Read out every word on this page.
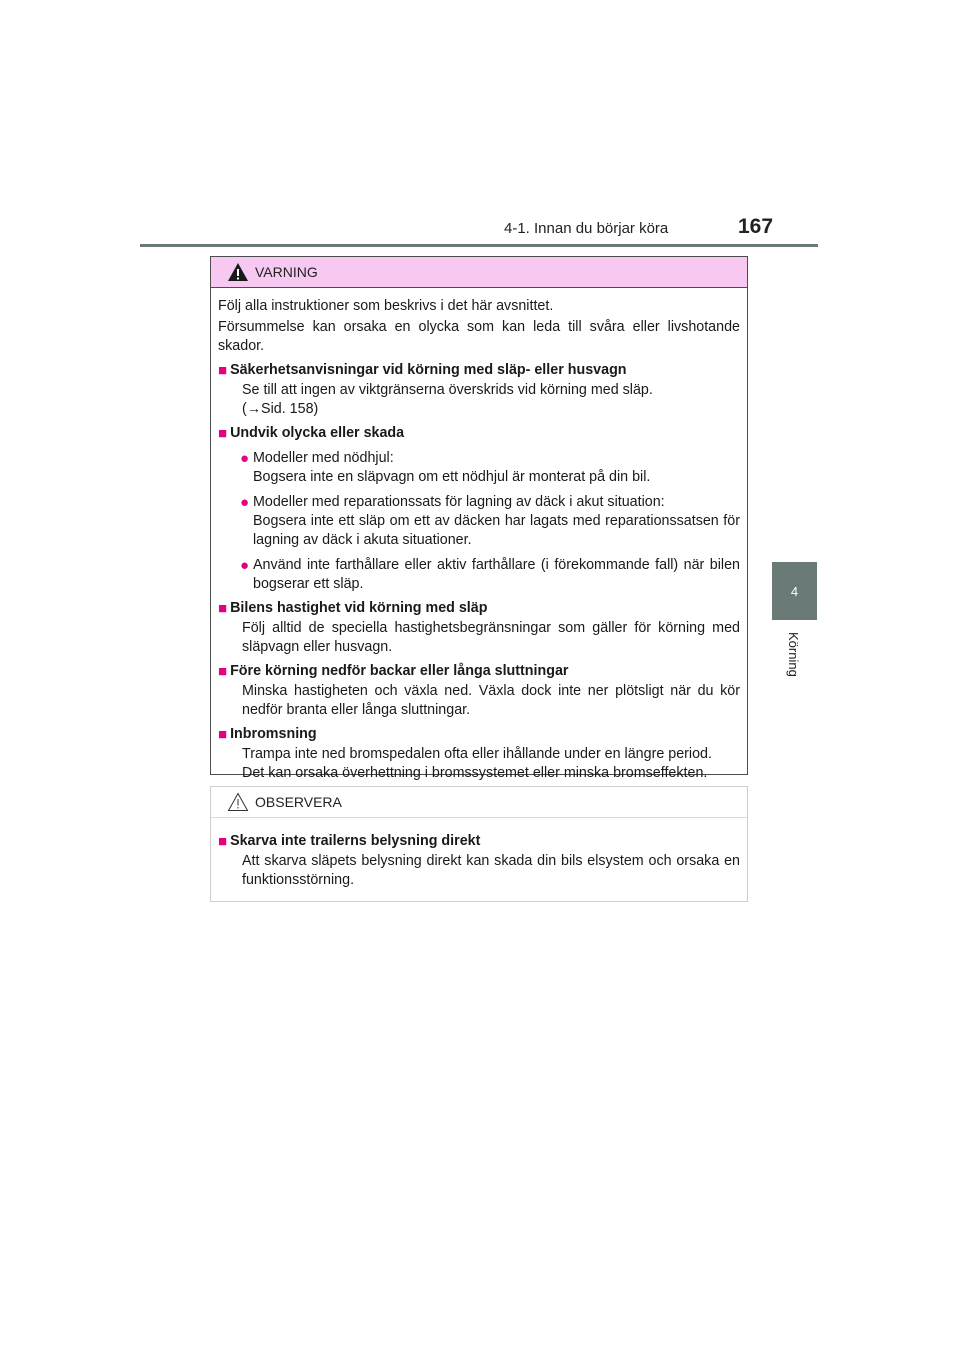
4-1. Innan du börjar köra	167
4
Körning
VARNING
Följ alla instruktioner som beskrivs i det här avsnittet.
Försummelse kan orsaka en olycka som kan leda till svåra eller livshotande skador.
■ Säkerhetsanvisningar vid körning med släp- eller husvagn
Se till att ingen av viktgränserna överskrids vid körning med släp.
(→Sid. 158)
■ Undvik olycka eller skada
● Modeller med nödhjul:
Bogsera inte en släpvagn om ett nödhjul är monterat på din bil.
● Modeller med reparationssats för lagning av däck i akut situation:
Bogsera inte ett släp om ett av däcken har lagats med reparationssatsen för lagning av däck i akuta situationer.
● Använd inte farthållare eller aktiv farthållare (i förekommande fall) när bilen bogserar ett släp.
■ Bilens hastighet vid körning med släp
Följ alltid de speciella hastighetsbegränsningar som gäller för körning med släpvagn eller husvagn.
■ Före körning nedför backar eller långa sluttningar
Minska hastigheten och växla ned. Växla dock inte ner plötsligt när du kör nedför branta eller långa sluttningar.
■ Inbromsning
Trampa inte ned bromspedalen ofta eller ihållande under en längre period.
Det kan orsaka överhettning i bromssystemet eller minska bromseffekten.
OBSERVERA
■ Skarva inte trailerns belysning direkt
Att skarva släpets belysning direkt kan skada din bils elsystem och orsaka en funktionsstörning.
